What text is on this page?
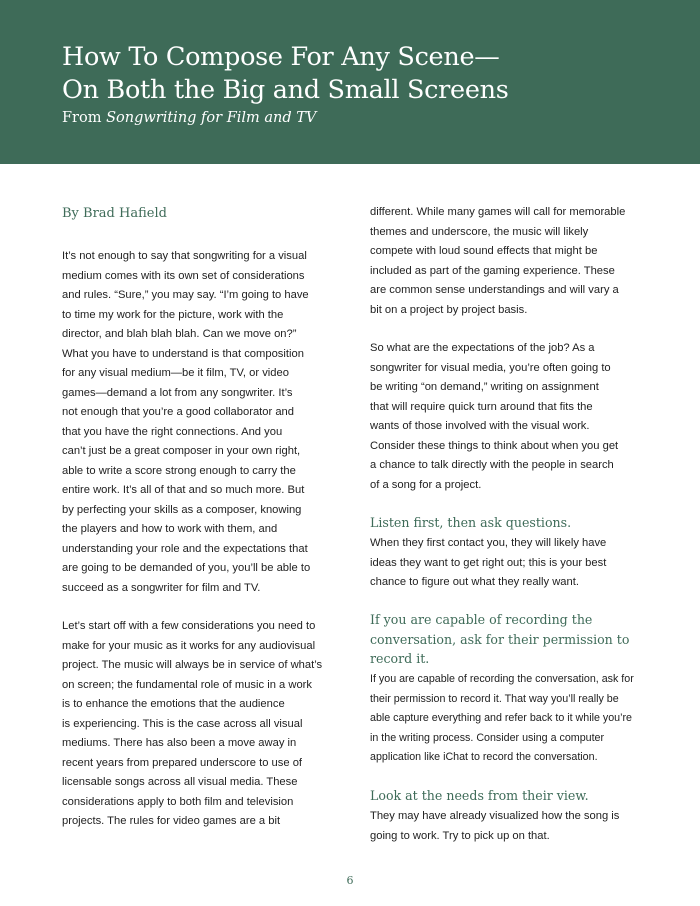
How To Compose For Any Scene—
On Both the Big and Small Screens

From Songwriting for Film and TV

By Brad Hafield

It’s not enough to say that songwriting for a visual
medium comes with its own set of considerations
and rules. “Sure,” you may say. “I’m going to have
to time my work for the picture, work with the
director, and blah blah blah. Can we move on?”
What you have to understand is that composition
for any visual medium—be it film, TV, or video
games—demand a lot from any songwriter. It’s
not enough that you’re a good collaborator and
that you have the right connections. And you
can’t just be a great composer in your own right,
able to write a score strong enough to carry the
entire work. It’s all of that and so much more. But
by perfecting your skills as a composer, knowing
the players and how to work with them, and
understanding your role and the expectations that
are going to be demanded of you, you’ll be able to
succeed as a songwriter for film and TV.
Let’s start off with a few considerations you need to
make for your music as it works for any audiovisual
project. The music will always be in service of what’s
on screen; the fundamental role of music in a work
is to enhance the emotions that the audience
is experiencing. This is the case across all visual
mediums. There has also been a move away in
recent years from prepared underscore to use of
licensable songs across all visual media. These
considerations apply to both film and television
projects. The rules for video games are a bit
different. While many games will call for memorable
themes and underscore, the music will likely
compete with loud sound effects that might be
included as part of the gaming experience. These
are common sense understandings and will vary a
bit on a project by project basis.
So what are the expectations of the job? As a
songwriter for visual media, you’re often going to
be writing “on demand,” writing on assignment
that will require quick turn around that fits the
wants of those involved with the visual work.
Consider these things to think about when you get
a chance to talk directly with the people in search
of a song for a project.
Listen first, then ask questions.
When they first contact you, they will likely have
ideas they want to get right out; this is your best
chance to figure out what they really want.
If you are capable of recording the
conversation, ask for their permission to
record it.
If you are capable of recording the conversation, ask for
their permission to record it. That way you’ll really be
able capture everything and refer back to it while you’re
in the writing process. Consider using a computer
application like iChat to record the conversation.
Look at the needs from their view.
They may have already visualized how the song is
going to work. Try to pick up on that.
6
